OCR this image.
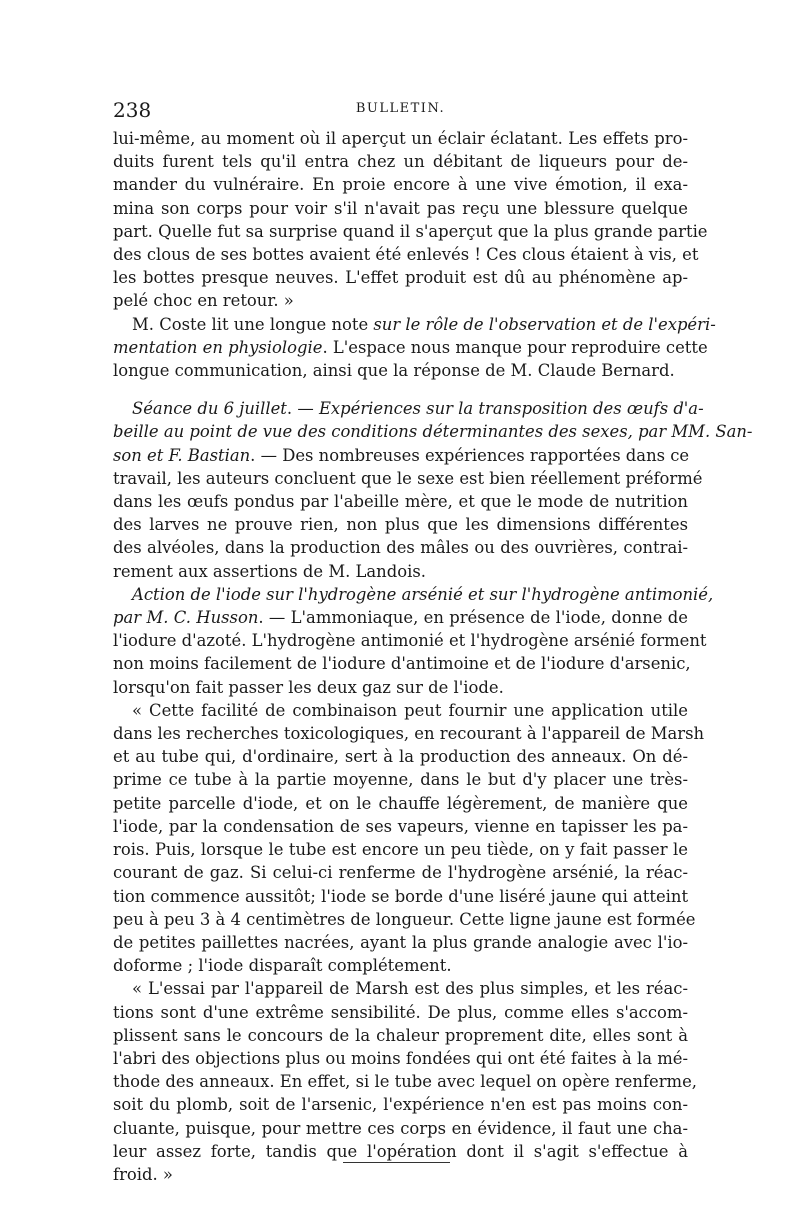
238	BULLETIN.
lui-même, au moment où il aperçut un éclair éclatant. Les effets pro-
duits furent tels qu'il entra chez un débitant de liqueurs pour de-
mander du vulnéraire. En proie encore à une vive émotion, il exa-
mina son corps pour voir s'il n'avait pas reçu une blessure quelque
part. Quelle fut sa surprise quand il s'aperçut que la plus grande partie
des clous de ses bottes avaient été enlevés ! Ces clous étaient à vis, et
les bottes presque neuves. L'effet produit est dû au phénomène ap-
pelé choc en retour. »
M. Coste lit une longue note sur le rôle de l'observation et de l'expéri-
mentation en physiologie. L'espace nous manque pour reproduire cette
longue communication, ainsi que la réponse de M. Claude Bernard.
Séance du 6 juillet. — Expériences sur la transposition des œufs d'a-
beille au point de vue des conditions déterminantes des sexes, par MM. San-
son et F. Bastian. — Des nombreuses expériences rapportées dans ce
travail, les auteurs concluent que le sexe est bien réellement préformé
dans les œufs pondus par l'abeille mère, et que le mode de nutrition
des larves ne prouve rien, non plus que les dimensions différentes
des alvéoles, dans la production des mâles ou des ouvrières, contrai-
rement aux assertions de M. Landois.
Action de l'iode sur l'hydrogène arsénié et sur l'hydrogène antimonié,
par M. C. Husson. — L'ammoniaque, en présence de l'iode, donne de
l'iodure d'azoté. L'hydrogène antimonié et l'hydrogène arsénié forment
non moins facilement de l'iodure d'antimoine et de l'iodure d'arsenic,
lorsqu'on fait passer les deux gaz sur de l'iode.
« Cette facilité de combinaison peut fournir une application utile
dans les recherches toxicologiques, en recourant à l'appareil de Marsh
et au tube qui, d'ordinaire, sert à la production des anneaux. On dé-
prime ce tube à la partie moyenne, dans le but d'y placer une très-
petite parcelle d'iode, et on le chauffe légèrement, de manière que
l'iode, par la condensation de ses vapeurs, vienne en tapisser les pa-
rois. Puis, lorsque le tube est encore un peu tiède, on y fait passer le
courant de gaz. Si celui-ci renferme de l'hydrogène arsénié, la réac-
tion commence aussitôt; l'iode se borde d'une liséré jaune qui atteint
peu à peu 3 à 4 centimètres de longueur. Cette ligne jaune est formée
de petites paillettes nacrées, ayant la plus grande analogie avec l'io-
doforme ; l'iode disparaît complétement.
« L'essai par l'appareil de Marsh est des plus simples, et les réac-
tions sont d'une extrême sensibilité. De plus, comme elles s'accom-
plissent sans le concours de la chaleur proprement dite, elles sont à
l'abri des objections plus ou moins fondées qui ont été faites à la mé-
thode des anneaux. En effet, si le tube avec lequel on opère renferme,
soit du plomb, soit de l'arsenic, l'expérience n'en est pas moins con-
cluante, puisque, pour mettre ces corps en évidence, il faut une cha-
leur assez forte, tandis que l'opération dont il s'agit s'effectue à
froid. »
